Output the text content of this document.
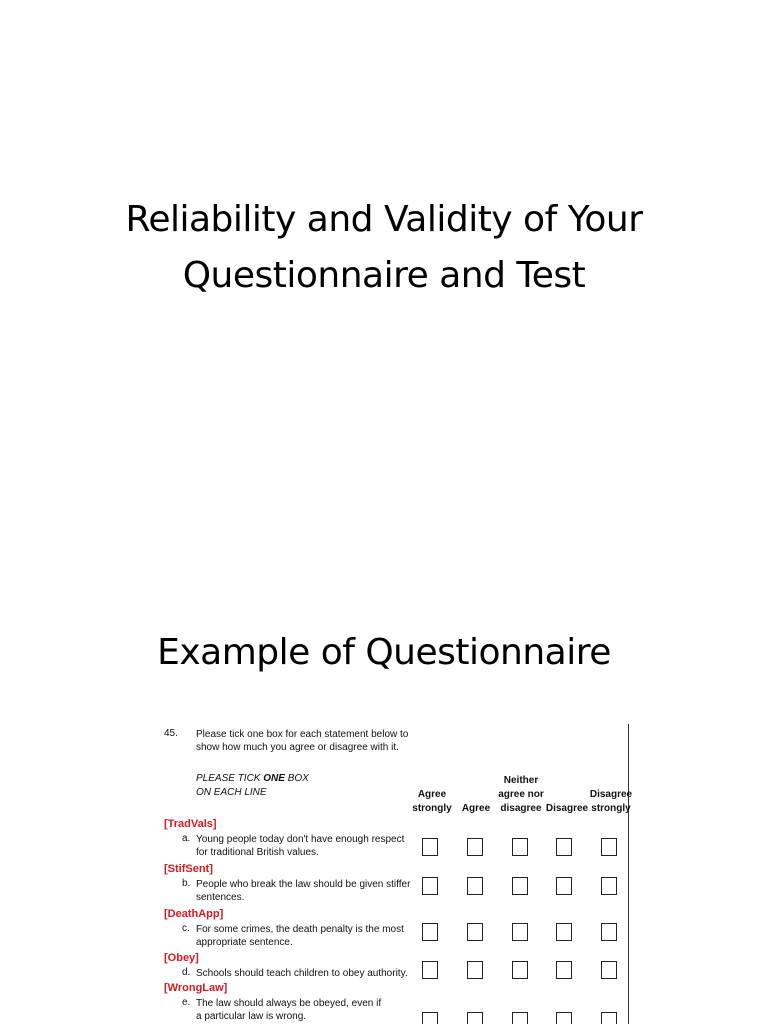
Reliability and Validity of Your
Questionnaire and Test
Example of Questionnaire
45. Please tick one box for each statement below to
show how much you agree or disagree with it.
PLEASE TICK ONE BOX
ON EACH LINE	Agree
strongly	Agree
Neither
agree nor
disagree Disagree
Disagree
strongly
[TradVals]
a. Young people today don't have enough respect
for traditional British values.
[StifSent]
b. People who break the law should be given stiffer
sentences.
[DeathApp]
c. For some crimes, the death penalty is the most
appropriate sentence.
[Obey]
d. Schools should teach children to obey authority.
[WrongLaw]
e. The law should always be obeyed, even if
a particular law is wrong.
